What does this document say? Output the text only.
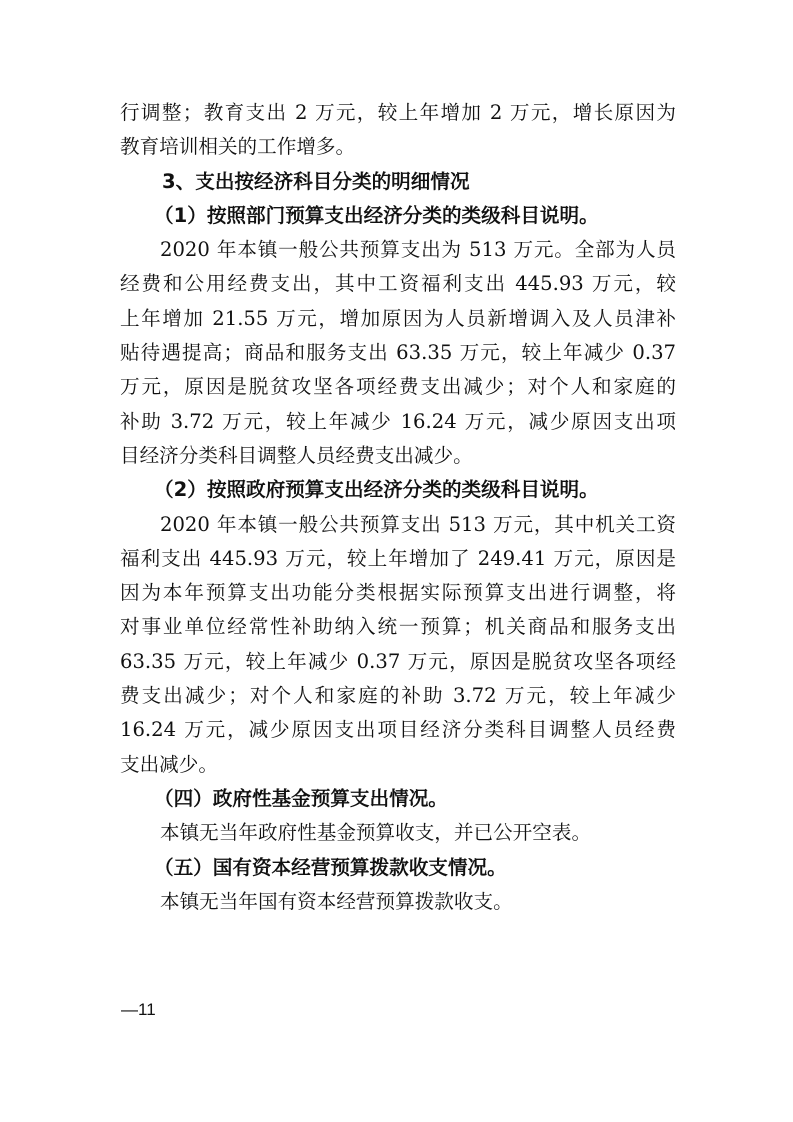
行调整；教育支出 2 万元，较上年增加 2 万元，增长原因为
教育培训相关的工作增多。
3、支出按经济科目分类的明细情况
（1）按照部门预算支出经济分类的类级科目说明。
2020 年本镇一般公共预算支出为 513 万元。全部为人员
经费和公用经费支出，其中工资福利支出 445.93 万元，较
上年增加 21.55 万元，增加原因为人员新增调入及人员津补
贴待遇提高；商品和服务支出 63.35 万元，较上年减少 0.37
万元，原因是脱贫攻坚各项经费支出减少；对个人和家庭的
补助 3.72 万元，较上年减少 16.24 万元，减少原因支出项
目经济分类科目调整人员经费支出减少。
（2）按照政府预算支出经济分类的类级科目说明。
2020 年本镇一般公共预算支出 513 万元，其中机关工资
福利支出 445.93 万元，较上年增加了 249.41 万元，原因是
因为本年预算支出功能分类根据实际预算支出进行调整，将
对事业单位经常性补助纳入统一预算；机关商品和服务支出
63.35 万元，较上年减少 0.37 万元，原因是脱贫攻坚各项经
费支出减少；对个人和家庭的补助 3.72 万元，较上年减少
16.24 万元，减少原因支出项目经济分类科目调整人员经费
支出减少。
（四）政府性基金预算支出情况。
本镇无当年政府性基金预算收支，并已公开空表。
（五）国有资本经营预算拨款收支情况。
本镇无当年国有资本经营预算拨款收支。
—11
